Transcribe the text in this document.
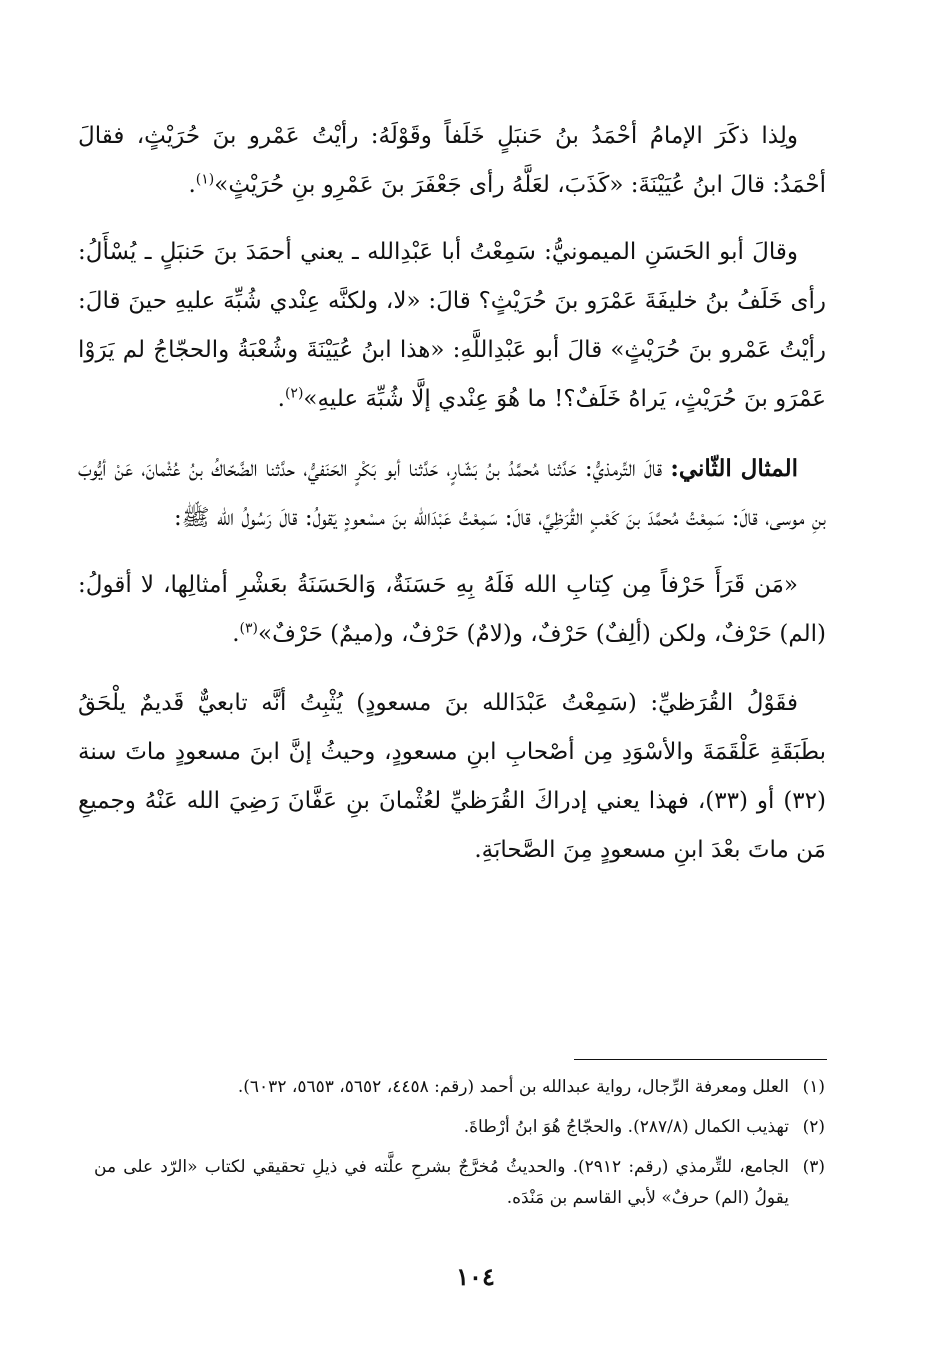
ولِذا ذكَرَ الإمامُ أحْمَدُ بنُ حَنبَلٍ خَلَفاً وقَوْلَهُ: رأيْتُ عَمْرو بنَ حُرَيْثٍ، فقالَ أحْمَدُ: قالَ ابنُ عُيَيْنَةَ: «كَذَبَ، لعَلَّهُ رأى جَعْفَرَ بنَ عَمْرِو بنِ حُرَيْثٍ»$^{(١)}$.

وقالَ أبو الحَسَنِ الميمونيُّ: سَمِعْتُ أبا عَبْدِالله ـ يعني أحمَدَ بنَ حَنبَلٍ ـ يُسْأَلُ: رأى خَلَفُ بنُ خليفَةَ عَمْرَو بنَ حُرَيْثٍ؟ قالَ: «لا، ولكنَّه عِنْدي شُبِّهَ عليهِ حينَ قالَ: رأيْتُ عَمْرو بنَ حُرَيْثٍ» قالَ أبو عَبْدِاللَّهِ: «هذا ابنُ عُيَيْنَةَ وشُعْبَةُ والحجّاجُ لم يَرَوْا عَمْرَو بنَ حُرَيْثٍ، يَراهُ خَلَفٌ؟! ما هُوَ عِنْدي إلَّا شُبِّهَ عليهِ»$^{(٢)}$.

المثال الثّاني: قالَ التِّرمذيُّ: حَدَّثنا مُحمَّدُ بنُ بَشّارٍ، حَدَّثنا أبو بَكْرٍ الحَنَفيُّ، حدَّثنا الضَّحّاكُ بنُ عُثْمانَ، عَنْ أيُّوبَ بنِ موسى، قالَ: سَمِعْتُ مُحمَّدَ بنَ كَعْبٍ القُرَظِيَّ، قالَ: سَمِعْتُ عَبْدَالله بنَ مسْعودٍ يَقولُ: قالَ رَسُولُ الله ﷺ:

«مَن قَرَأَ حَرْفاً مِن كِتابِ الله فَلَهُ بِهِ حَسَنَةٌ، وَالحَسَنَةُ بعَشْرِ أمثالِها، لا أقولُ: (الم) حَرْفٌ، ولكن (ألِفٌ) حَرْفٌ، و(لامٌ) حَرْفٌ، و(ميمٌ) حَرْفٌ»$^{(٣)}$.

فقَوْلُ القُرَظيِّ: (سَمِعْتُ عَبْدَالله بنَ مسعودٍ) يُثْبِتُ أنَّه تابعيٌّ قَديمٌ يلْحَقُ بطَبَقَةِ عَلْقَمَةَ والأسْوَدِ مِن أصْحابِ ابنِ مسعودٍ، وحيثُ إنَّ ابنَ مسعودٍ ماتَ سنة (٣٢) أو (٣٣)، فهذا يعني إدراكَ القُرَظيِّ لعُثْمانَ بنِ عَفَّانَ رَضِيَ الله عَنْهُ وجميعِ مَن ماتَ بعْدَ ابنِ مسعودٍ مِنَ الصَّحابَةِ.

(١)
العلل ومعرفة الرِّجال، رواية عبدالله بن أحمد (رقم: ٤٤٥٨، ٥٦٥٢، ٥٦٥٣، ٦٠٣٢).

(٢)
تهذيب الكمال (٢٨٧/٨). والحجّاجُ هُوَ ابنُ أرْطاةَ.

(٣)
الجامع، للتِّرمذي (رقم: ٢٩١٢). والحديثُ مُخرَّجٌ بشرحِ علَّته في ذيلِ تحقيقي لكتاب «الرّد على من يقولُ (الم) حرفٌ» لأبي القاسم بن مَنْدَه.

١٠٤
